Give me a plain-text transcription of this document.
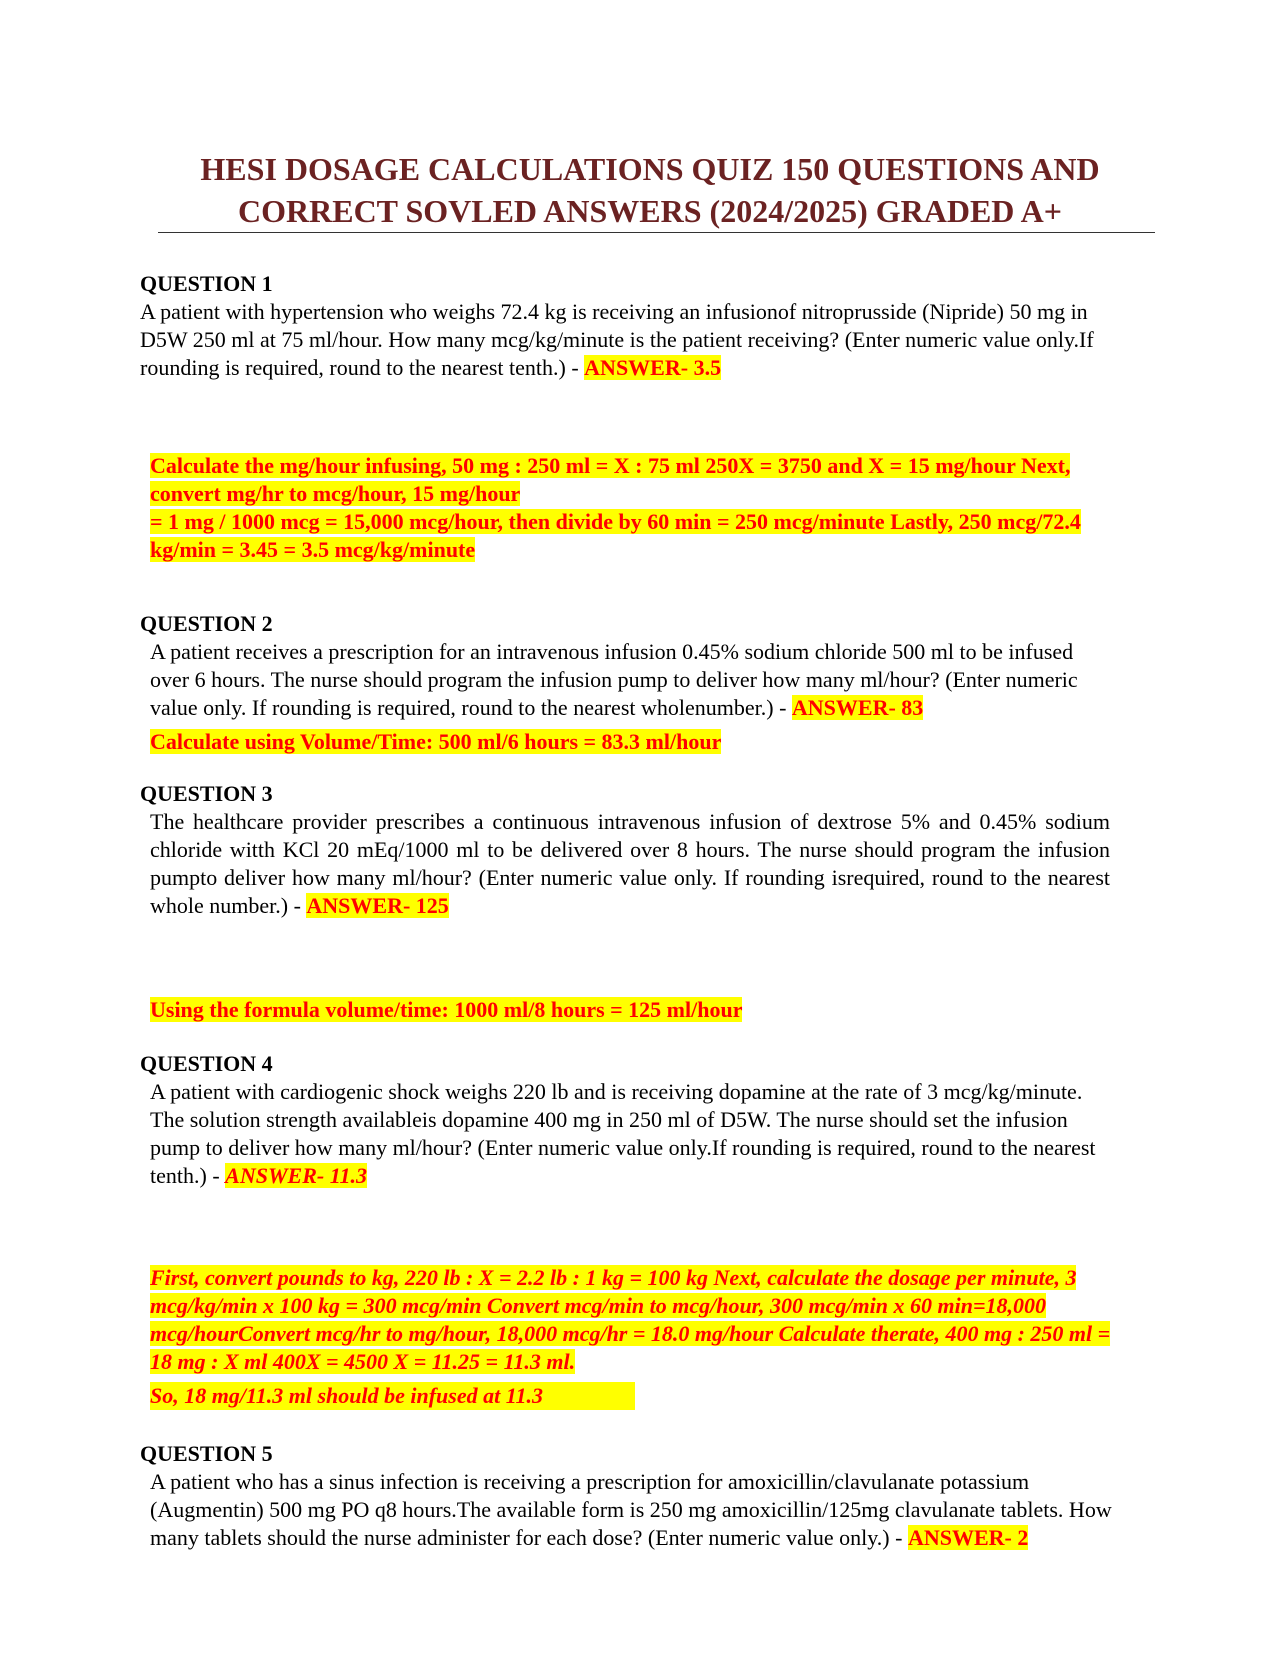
HESI DOSAGE CALCULATIONS QUIZ 150 QUESTIONS AND
CORRECT SOVLED ANSWERS (2024/2025) GRADED A+
QUESTION 1

A patient with hypertension who weighs 72.4 kg is receiving an infusionof nitroprusside (Nipride) 50 mg in D5W 250 ml at 75 ml/hour. How many mcg/kg/minute is the patient receiving? (Enter numeric value only.If rounding is required, round to the nearest tenth.) - ANSWER- 3.5

Calculate the mg/hour infusing, 50 mg : 250 ml = X : 75 ml 250X = 3750 and X = 15 mg/hour Next, convert mg/hr to mcg/hour, 15 mg/hour
= 1 mg / 1000 mcg = 15,000 mcg/hour, then divide by 60 min = 250 mcg/minute Lastly, 250 mcg/72.4 kg/min = 3.45 = 3.5 mcg/kg/minute

QUESTION 2

A patient receives a prescription for an intravenous infusion 0.45% sodium chloride 500 ml to be infused over 6 hours. The nurse should program the infusion pump to deliver how many ml/hour? (Enter numeric value only. If rounding is required, round to the nearest wholenumber.) - ANSWER- 83

Calculate using Volume/Time: 500 ml/6 hours = 83.3 ml/hour

QUESTION 3

The healthcare provider prescribes a continuous intravenous infusion of dextrose 5% and 0.45% sodium chloride witth KCl 20 mEq/1000 ml to be delivered over 8 hours. The nurse should program the infusion pumpto deliver how many ml/hour? (Enter numeric value only. If rounding isrequired, round to the nearest whole number.) - ANSWER- 125

Using the formula volume/time: 1000 ml/8 hours = 125 ml/hour

QUESTION 4

A patient with cardiogenic shock weighs 220 lb and is receiving dopamine at the rate of 3 mcg/kg/minute. The solution strength availableis dopamine 400 mg in 250 ml of D5W. The nurse should set the infusion pump to deliver how many ml/hour? (Enter numeric value only.If rounding is required, round to the nearest tenth.) - ANSWER- 11.3

First, convert pounds to kg, 220 lb : X = 2.2 lb : 1 kg = 100 kg Next, calculate the dosage per minute, 3 mcg/kg/min x 100 kg = 300 mcg/min Convert mcg/min to mcg/hour, 300 mcg/min x 60 min=18,000 mcg/hourConvert mcg/hr to mg/hour, 18,000 mcg/hr = 18.0 mg/hour Calculate therate, 400 mg : 250 ml = 18 mg : X ml 400X = 4500 X = 11.25 = 11.3 ml.

So, 18 mg/11.3 ml should be infused at 11.3

QUESTION 5

A patient who has a sinus infection is receiving a prescription for amoxicillin/clavulanate potassium (Augmentin) 500 mg PO q8 hours.The available form is 250 mg amoxicillin/125mg clavulanate tablets. How many tablets should the nurse administer for each dose? (Enter numeric value only.) - ANSWER- 2
